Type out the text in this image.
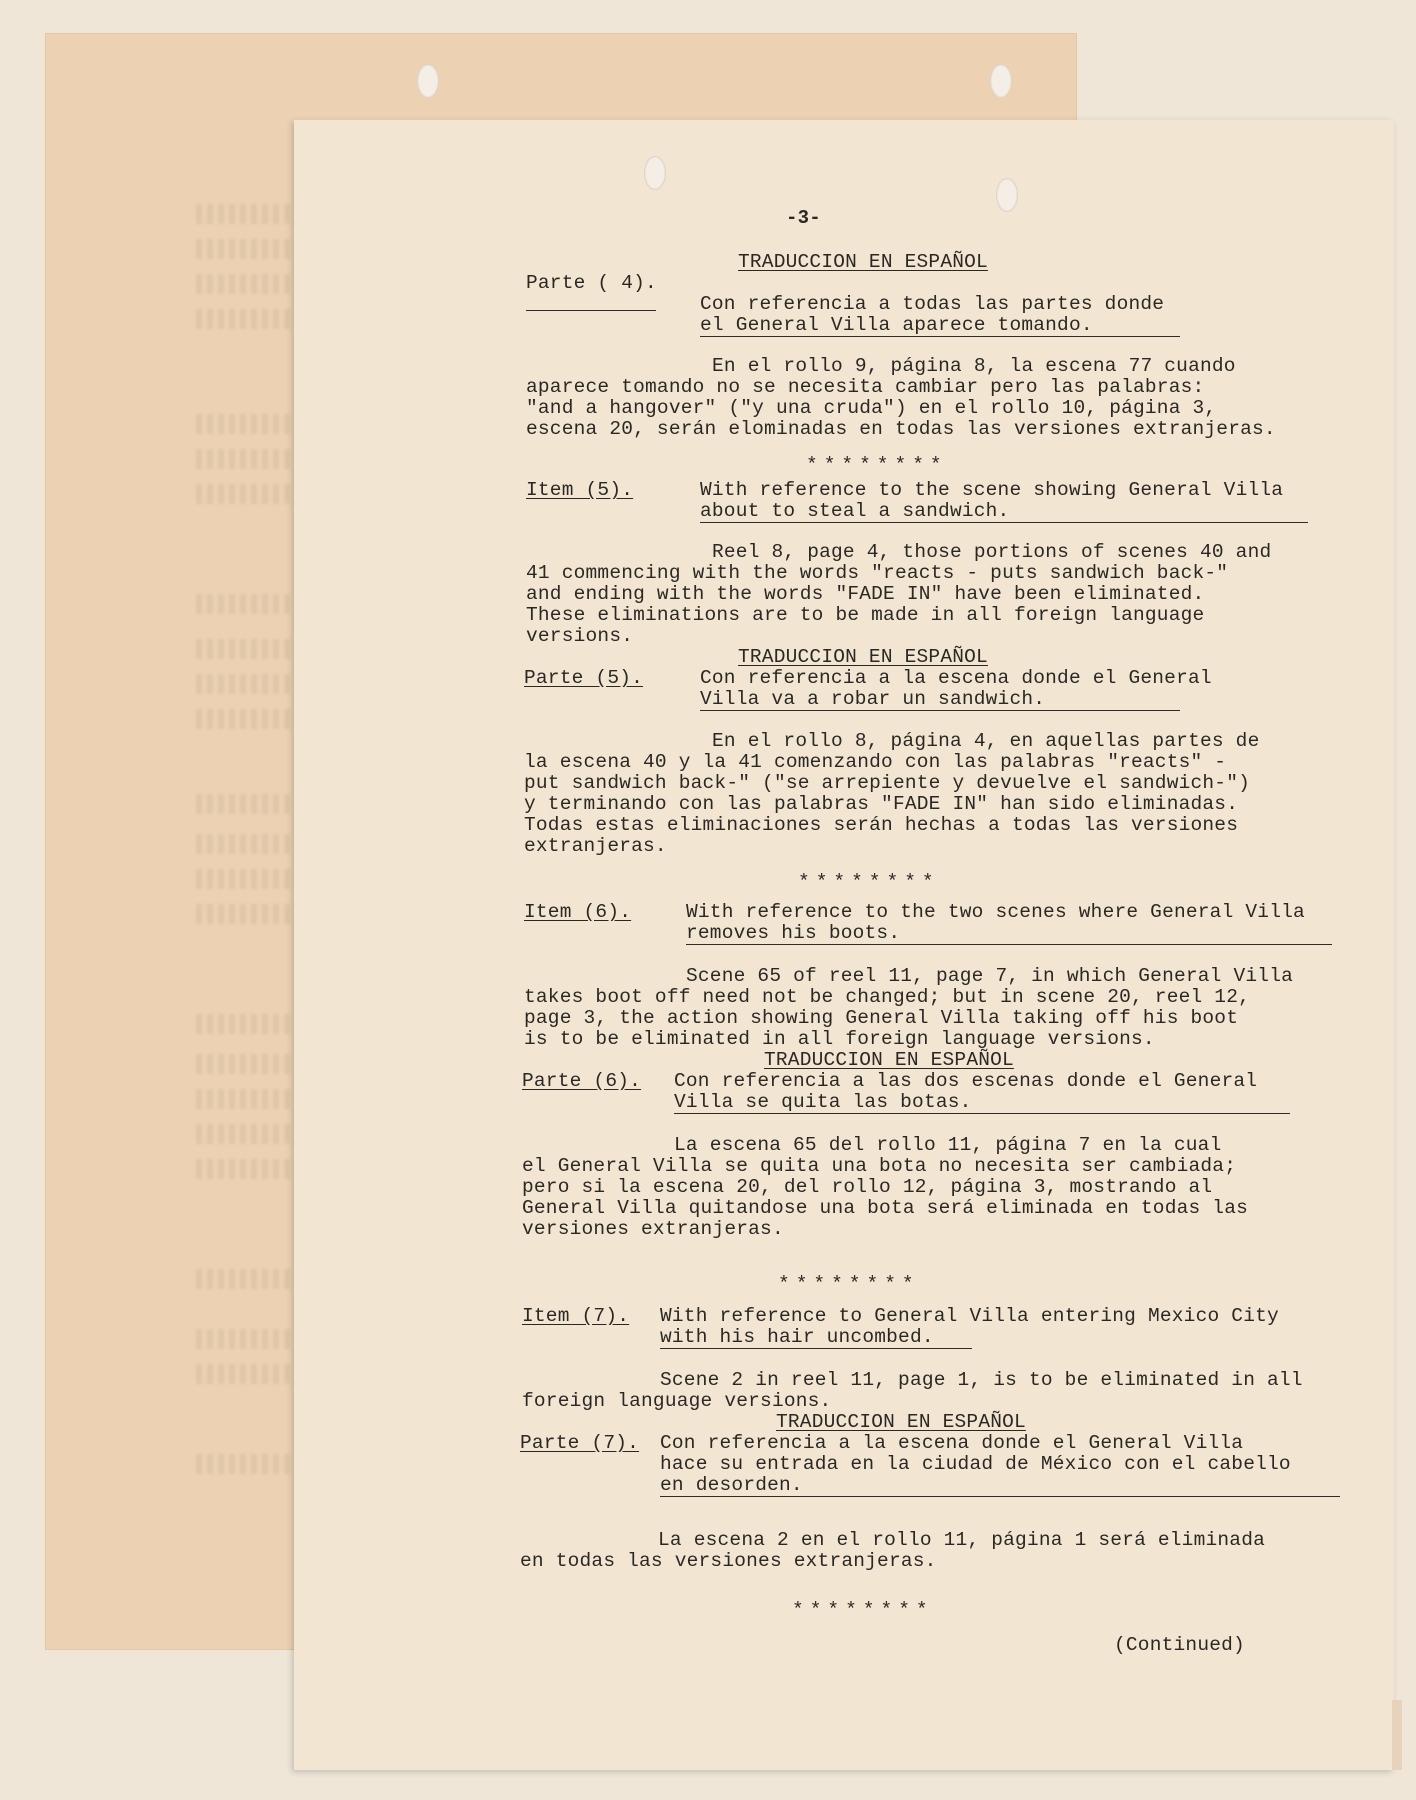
-3-
TRADUCCION EN ESPAÑOL
Parte ( 4).
Con referencia a todas las partes donde
el General Villa aparece tomando.
En el rollo 9, página 8, la escena 77 cuando
aparece tomando no se necesita cambiar pero las palabras:
"and a hangover" ("y una cruda") en el rollo 10, página 3,
escena 20, serán elominadas en todas las versiones extranjeras.
********
Item (5).	With reference to the scene showing General Villa
about to steal a sandwich.
Reel 8, page 4, those portions of scenes 40 and
41 commencing with the words "reacts - puts sandwich back-"
and ending with the words "FADE IN" have been eliminated.
These eliminations are to be made in all foreign language
versions.
TRADUCCION EN ESPAÑOL
Parte (5).	Con referencia a la escena donde el General
Villa va a robar un sandwich.
En el rollo 8, página 4, en aquellas partes de
la escena 40 y la 41 comenzando con las palabras "reacts" -
put sandwich back-" ("se arrepiente y devuelve el sandwich-")
y terminando con las palabras "FADE IN" han sido eliminadas.
Todas estas eliminaciones serán hechas a todas las versiones
extranjeras.
********
Item (6).	With reference to the two scenes where General Villa
removes his boots.
Scene 65 of reel 11, page 7, in which General Villa
takes boot off need not be changed; but in scene 20, reel 12,
page 3, the action showing General Villa taking off his boot
is to be eliminated in all foreign language versions.
TRADUCCION EN ESPAÑOL
Parte (6). Con referencia a las dos escenas donde el General
Villa se quita las botas.
La escena 65 del rollo 11, página 7 en la cual
el General Villa se quita una bota no necesita ser cambiada;
pero si la escena 20, del rollo 12, página 3, mostrando al
General Villa quitandose una bota será eliminada en todas las
versiones extranjeras.
********
Item (7). With reference to General Villa entering Mexico City
with his hair uncombed.
Scene 2 in reel 11, page 1, is to be eliminated in all
foreign language versions.
TRADUCCION EN ESPAÑOL
Parte (7). Con referencia a la escena donde el General Villa
hace su entrada en la ciudad de México con el cabello
en desorden.
La escena 2 en el rollo 11, página 1 será eliminada
en todas las versiones extranjeras.
********
(Continued)
